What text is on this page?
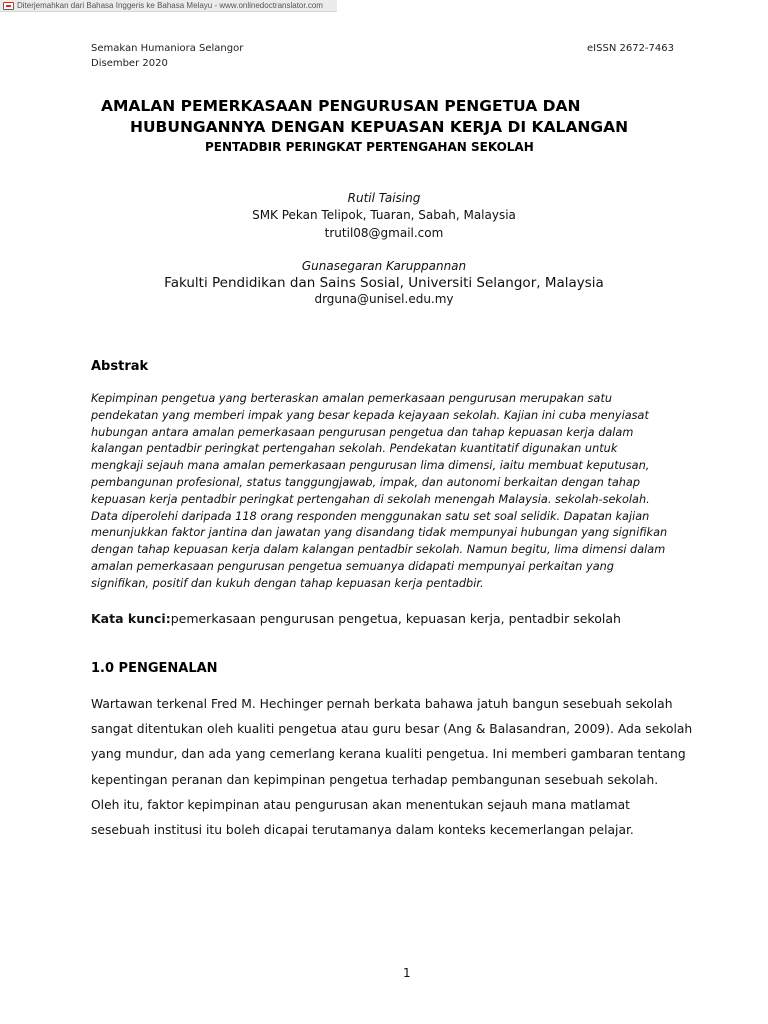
Diterjemahkan dari Bahasa Inggeris ke Bahasa Melayu - www.onlinedoctranslator.com
Semakan Humaniora Selangor
Disember 2020
eISSN 2672-7463
AMALAN PEMERKASAAN PENGURUSAN PENGETUA DAN
HUBUNGANNYA DENGAN KEPUASAN KERJA DI KALANGAN
PENTADBIR PERINGKAT PERTENGAHAN SEKOLAH
Rutil Taising
SMK Pekan Telipok, Tuaran, Sabah, Malaysia
trutil08@gmail.com
Gunasegaran Karuppannan
Fakulti Pendidikan dan Sains Sosial, Universiti Selangor, Malaysia
drguna@unisel.edu.my
Abstrak
Kepimpinan pengetua yang berteraskan amalan pemerkasaan pengurusan merupakan satu
pendekatan yang memberi impak yang besar kepada kejayaan sekolah. Kajian ini cuba menyiasat
hubungan antara amalan pemerkasaan pengurusan pengetua dan tahap kepuasan kerja dalam
kalangan pentadbir peringkat pertengahan sekolah. Pendekatan kuantitatif digunakan untuk
mengkaji sejauh mana amalan pemerkasaan pengurusan lima dimensi, iaitu membuat keputusan,
pembangunan profesional, status tanggungjawab, impak, dan autonomi berkaitan dengan tahap
kepuasan kerja pentadbir peringkat pertengahan di sekolah menengah Malaysia. sekolah-sekolah.
Data diperolehi daripada 118 orang responden menggunakan satu set soal selidik. Dapatan kajian
menunjukkan faktor jantina dan jawatan yang disandang tidak mempunyai hubungan yang signifikan
dengan tahap kepuasan kerja dalam kalangan pentadbir sekolah. Namun begitu, lima dimensi dalam
amalan pemerkasaan pengurusan pengetua semuanya didapati mempunyai perkaitan yang
signifikan, positif dan kukuh dengan tahap kepuasan kerja pentadbir.
Kata kunci:pemerkasaan pengurusan pengetua, kepuasan kerja, pentadbir sekolah
1.0 PENGENALAN
Wartawan terkenal Fred M. Hechinger pernah berkata bahawa jatuh bangun sesebuah sekolah
sangat ditentukan oleh kualiti pengetua atau guru besar (Ang & Balasandran, 2009). Ada sekolah
yang mundur, dan ada yang cemerlang kerana kualiti pengetua. Ini memberi gambaran tentang
kepentingan peranan dan kepimpinan pengetua terhadap pembangunan sesebuah sekolah.
Oleh itu, faktor kepimpinan atau pengurusan akan menentukan sejauh mana matlamat
sesebuah institusi itu boleh dicapai terutamanya dalam konteks kecemerlangan pelajar.
1
